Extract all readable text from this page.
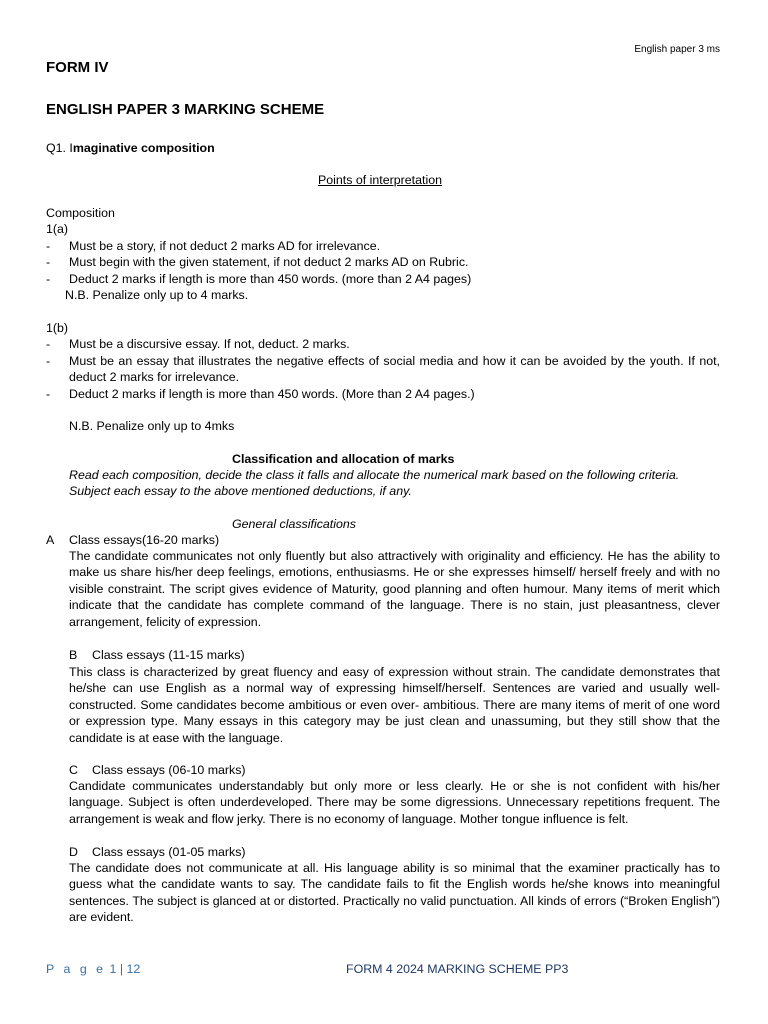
English paper 3 ms
FORM IV
ENGLISH PAPER 3 MARKING SCHEME
Q1. Imaginative composition
Points of interpretation
Composition
1(a)
- Must be a story, if not deduct 2 marks AD for irrelevance.
- Must begin with the given statement, if not deduct 2 marks AD on Rubric.
- Deduct 2 marks if length is more than 450 words. (more than 2 A4 pages)
N.B. Penalize only up to 4 marks.
1(b)
- Must be a discursive essay. If not, deduct. 2 marks.
- Must be an essay that illustrates the negative effects of social media and how it can be avoided by the youth. If not, deduct 2 marks for irrelevance.
- Deduct 2 marks if length is more than 450 words. (More than 2 A4 pages.)
N.B. Penalize only up to 4mks
Classification and allocation of marks
Read each composition, decide the class it falls and allocate the numerical mark based on the following criteria. Subject each essay to the above mentioned deductions, if any.
General classifications
A Class essays(16-20 marks)
The candidate communicates not only fluently but also attractively with originality and efficiency. He has the ability to make us share his/her deep feelings, emotions, enthusiasms. He or she expresses himself/ herself freely and with no visible constraint. The script gives evidence of Maturity, good planning and often humour. Many items of merit which indicate that the candidate has complete command of the language. There is no stain, just pleasantness, clever arrangement, felicity of expression.
B Class essays (11-15 marks)
This class is characterized by great fluency and easy of expression without strain. The candidate demonstrates that he/she can use English as a normal way of expressing himself/herself. Sentences are varied and usually well-constructed. Some candidates become ambitious or even over- ambitious. There are many items of merit of one word or expression type. Many essays in this category may be just clean and unassuming, but they still show that the candidate is at ease with the language.
C Class essays (06-10 marks)
Candidate communicates understandably but only more or less clearly. He or she is not confident with his/her language. Subject is often underdeveloped. There may be some digressions. Unnecessary repetitions frequent. The arrangement is weak and flow jerky. There is no economy of language. Mother tongue influence is felt.
D Class essays (01-05 marks)
The candidate does not communicate at all. His language ability is so minimal that the examiner practically has to guess what the candidate wants to say. The candidate fails to fit the English words he/she knows into meaningful sentences. The subject is glanced at or distorted. Practically no valid punctuation. All kinds of errors (“Broken English”) are evident.
P a g e 1 | 12	FORM 4 2024 MARKING SCHEME PP3
